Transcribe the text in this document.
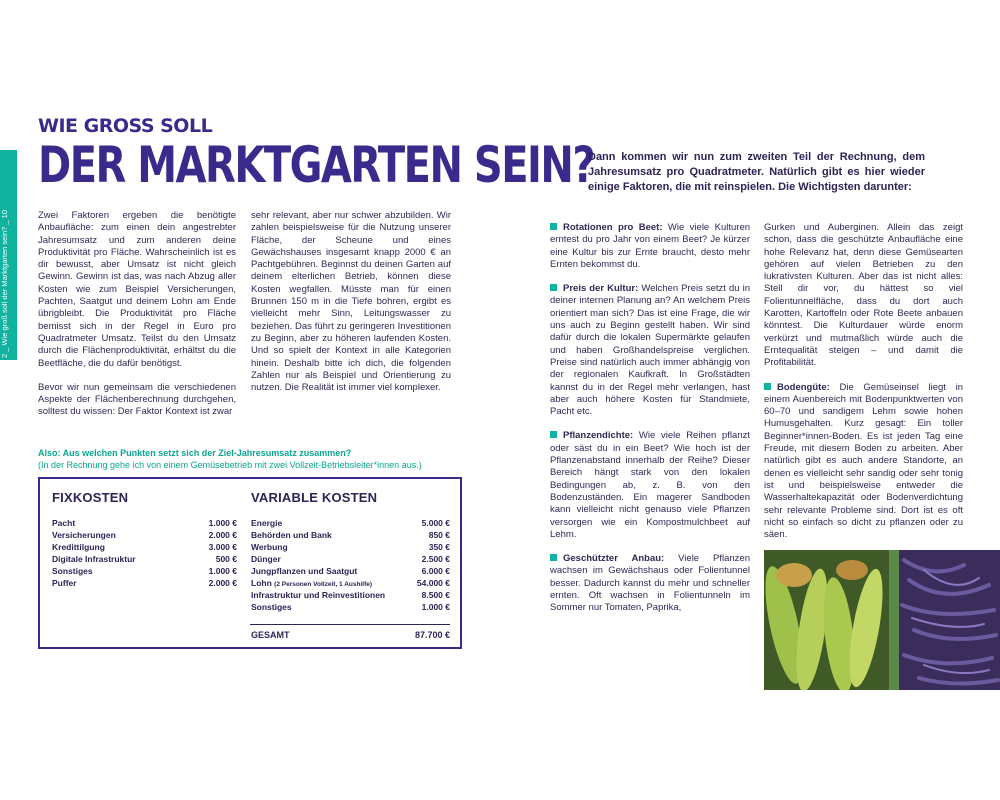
2 _ Wie groß soll der Marktgarten sein? _ 10
WIE GROSS SOLL
DER MARKTGARTEN SEIN?

Zwei Faktoren ergeben die benötigte Anbaufläche: zum einen dein angestrebter Jahresumsatz und zum anderen deine Produktivität pro Fläche. Wahrscheinlich ist es dir bewusst, aber Umsatz ist nicht gleich Gewinn. Gewinn ist das, was nach Abzug aller Kosten wie zum Beispiel Versicherungen, Pachten, Saatgut und deinem Lohn am Ende übrigbleibt. Die Produktivität pro Fläche bemisst sich in der Regel in Euro pro Quadratmeter Umsatz. Teilst du den Umsatz durch die Flächenproduktivität, erhältst du die Beetfläche, die du dafür benötigst.

Bevor wir nun gemeinsam die verschiedenen Aspekte der Flächenberechnung durchgehen, solltest du wissen: Der Faktor Kontext ist zwar

sehr relevant, aber nur schwer abzubilden. Wir zahlen beispielsweise für die Nutzung unserer Fläche, der Scheune und eines Gewächshauses insgesamt knapp 2000 € an Pachtgebühren. Beginnst du deinen Garten auf deinem elterlichen Betrieb, können diese Kosten wegfallen. Müsste man für einen Brunnen 150 m in die Tiefe bohren, ergibt es vielleicht mehr Sinn, Leitungswasser zu beziehen. Das führt zu geringeren Investitionen zu Beginn, aber zu höheren laufenden Kosten. Und so spielt der Kontext in alle Kategorien hinein. Deshalb bitte ich dich, die folgenden Zahlen nur als Beispiel und Orientierung zu nutzen. Die Realität ist immer viel komplexer.

Also: Aus welchen Punkten setzt sich der Ziel-Jahresumsatz zusammen?
(In der Rechnung gehe ich von einem Gemüsebetrieb mit zwei Vollzeit-Betriebsleiter*innen aus.)
FIXKOSTEN	VARIABLE KOSTEN
Pacht	1.000 €
Versicherungen	2.000 €
Kredittilgung	3.000 €
Digitale Infrastruktur	500 €
Sonstiges	1.000 €
Puffer	2.000 €
Energie	5.000 €
Behörden und Bank	850 €
Werbung	350 €
Dünger	2.500 €
Jungpflanzen und Saatgut	6.000 €
Lohn (2 Personen Vollzeit, 1 Aushilfe)	54.000 €
Infrastruktur und Reinvestitionen	8.500 €
Sonstiges	1.000 €
GESAMT	87.700 €
Dann kommen wir nun zum zweiten Teil der Rechnung, dem Jahresumsatz pro Quadratmeter. Natürlich gibt es hier wieder einige Faktoren, die mit reinspielen. Die Wichtigsten darunter:

Rotationen pro Beet: Wie viele Kulturen erntest du pro Jahr von einem Beet? Je kürzer eine Kultur bis zur Ernte braucht, desto mehr Ernten bekommst du.

Preis der Kultur: Welchen Preis setzt du in deiner internen Planung an? An welchem Preis orientiert man sich? Das ist eine Frage, die wir uns auch zu Beginn gestellt haben. Wir sind dafür durch die lokalen Supermärkte gelaufen und haben Großhandelspreise verglichen. Preise sind natürlich auch immer abhängig von der regionalen Kaufkraft. In Großstädten kannst du in der Regel mehr verlangen, hast aber auch höhere Kosten für Standmiete, Pacht etc.

Pflanzendichte: Wie viele Reihen pflanzt oder säst du in ein Beet? Wie hoch ist der Pflanzenabstand innerhalb der Reihe? Dieser Bereich hängt stark von den lokalen Bedingungen ab, z. B. von den Bodenzuständen. Ein magerer Sandboden kann vielleicht nicht genauso viele Pflanzen versorgen wie ein Kompostmulchbeet auf Lehm.

Geschützter Anbau: Viele Pflanzen wachsen im Gewächshaus oder Folientunnel besser. Dadurch kannst du mehr und schneller ernten. Oft wachsen in Folientunneln im Sommer nur Tomaten, Paprika,

Gurken und Auberginen. Allein das zeigt schon, dass die geschützte Anbaufläche eine hohe Relevanz hat, denn diese Gemüsearten gehören auf vielen Betrieben zu den lukrativsten Kulturen. Aber das ist nicht alles: Stell dir vor, du hättest so viel Folientunnelfläche, dass du dort auch Karotten, Kartoffeln oder Rote Beete anbauen könntest. Die Kulturdauer würde enorm verkürzt und mutmaßlich würde auch die Erntequalität steigen – und damit die Profitabilität.

Bodengüte: Die Gemüseinsel liegt in einem Auenbereich mit Bodenpunktwerten von 60–70 und sandigem Lehm sowie hohen Humusgehalten. Kurz gesagt: Ein toller Beginner*innen-Boden. Es ist jeden Tag eine Freude, mit diesem Boden zu arbeiten. Aber natürlich gibt es auch andere Standorte, an denen es vielleicht sehr sandig oder sehr tonig ist und beispielsweise entweder die Wasserhaltekapazität oder Bodenverdichtung sehr relevante Probleme sind. Dort ist es oft nicht so einfach so dicht zu pflanzen oder zu säen.
